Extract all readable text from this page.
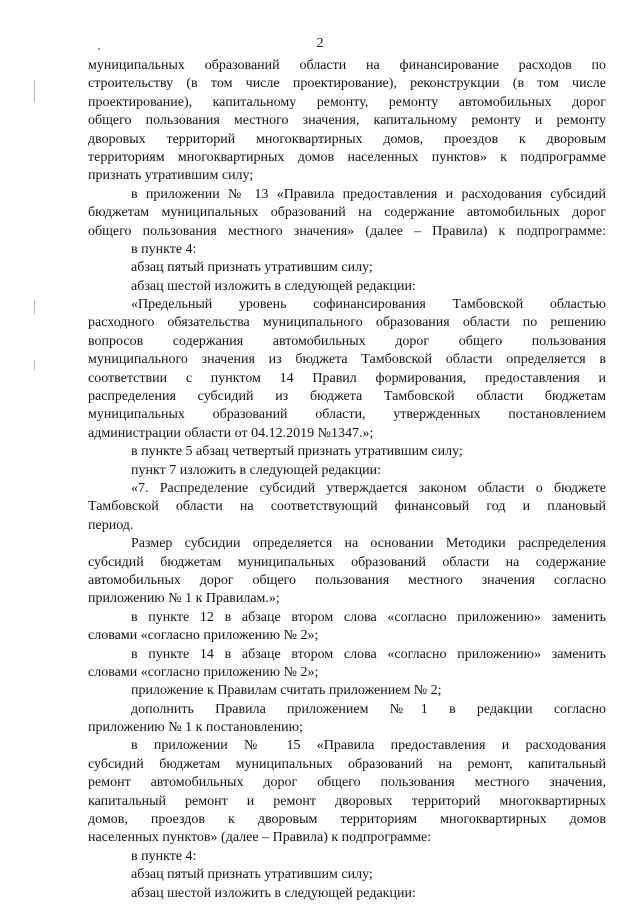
2
муниципальных образований области на финансирование расходов по
строительству (в том числе проектирование), реконструкции (в том числе
проектирование), капитальному ремонту, ремонту автомобильных дорог
общего пользования местного значения, капитальному ремонту и ремонту
дворовых территорий многоквартирных домов, проездов к дворовым
территориям многоквартирных домов населенных пунктов» к подпрограмме
признать утратившим силу;
в приложении № 13 «Правила предоставления и расходования субсидий
бюджетам муниципальных образований на содержание автомобильных дорог
общего пользования местного значения» (далее – Правила) к подпрограмме:
в пункте 4:
абзац пятый признать утратившим силу;
абзац шестой изложить в следующей редакции:
«Предельный уровень софинансирования Тамбовской областью
расходного обязательства муниципального образования области по решению
вопросов содержания автомобильных дорог общего пользования
муниципального значения из бюджета Тамбовской области определяется в
соответствии с пунктом 14 Правил формирования, предоставления и
распределения субсидий из бюджета Тамбовской области бюджетам
муниципальных образований области, утвержденных постановлением
администрации области от 04.12.2019 №1347.»;
в пункте 5 абзац четвертый признать утратившим силу;
пункт 7 изложить в следующей редакции:
«7. Распределение субсидий утверждается законом области о бюджете
Тамбовской области на соответствующий финансовый год и плановый
период.
Размер субсидии определяется на основании Методики распределения
субсидий бюджетам муниципальных образований области на содержание
автомобильных дорог общего пользования местного значения согласно
приложению № 1 к Правилам.»;
в пункте 12 в абзаце втором слова «согласно приложению» заменить
словами «согласно приложению № 2»;
в пункте 14 в абзаце втором слова «согласно приложению» заменить
словами «согласно приложению № 2»;
приложение к Правилам считать приложением № 2;
дополнить Правила приложением №1 в редакции согласно
приложению № 1 к постановлению;
в приложении № 15 «Правила предоставления и расходования
субсидий бюджетам муниципальных образований на ремонт, капитальный
ремонт автомобильных дорог общего пользования местного значения,
капитальный ремонт и ремонт дворовых территорий многоквартирных
домов, проездов к дворовым территориям многоквартирных домов
населенных пунктов» (далее – Правила) к подпрограмме:
в пункте 4:
абзац пятый признать утратившим силу;
абзац шестой изложить в следующей редакции:
